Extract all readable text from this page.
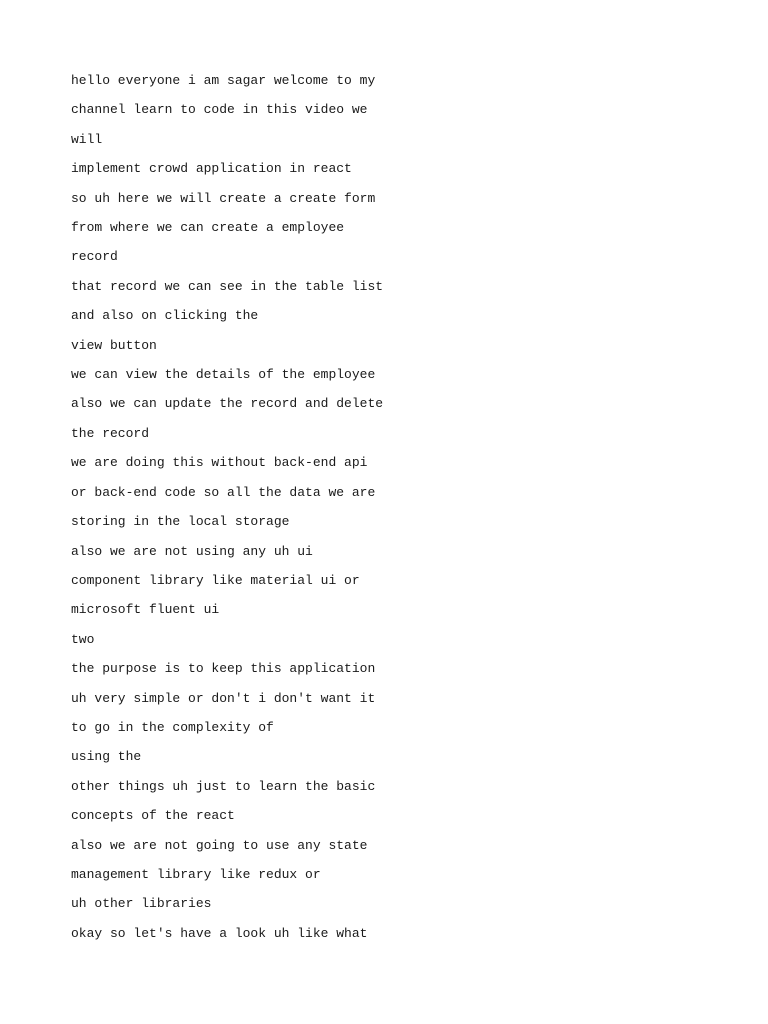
hello everyone i am sagar welcome to my
channel learn to code in this video we
will
implement crowd application in react
so uh here we will create a create form
from where we can create a employee
record
that record we can see in the table list
and also on clicking the
view button
we can view the details of the employee
also we can update the record and delete
the record
we are doing this without back-end api
or back-end code so all the data we are
storing in the local storage
also we are not using any uh ui
component library like material ui or
microsoft fluent ui
two
the purpose is to keep this application
uh very simple or don't i don't want it
to go in the complexity of
using the
other things uh just to learn the basic
concepts of the react
also we are not going to use any state
management library like redux or
uh other libraries
okay so let's have a look uh like what
